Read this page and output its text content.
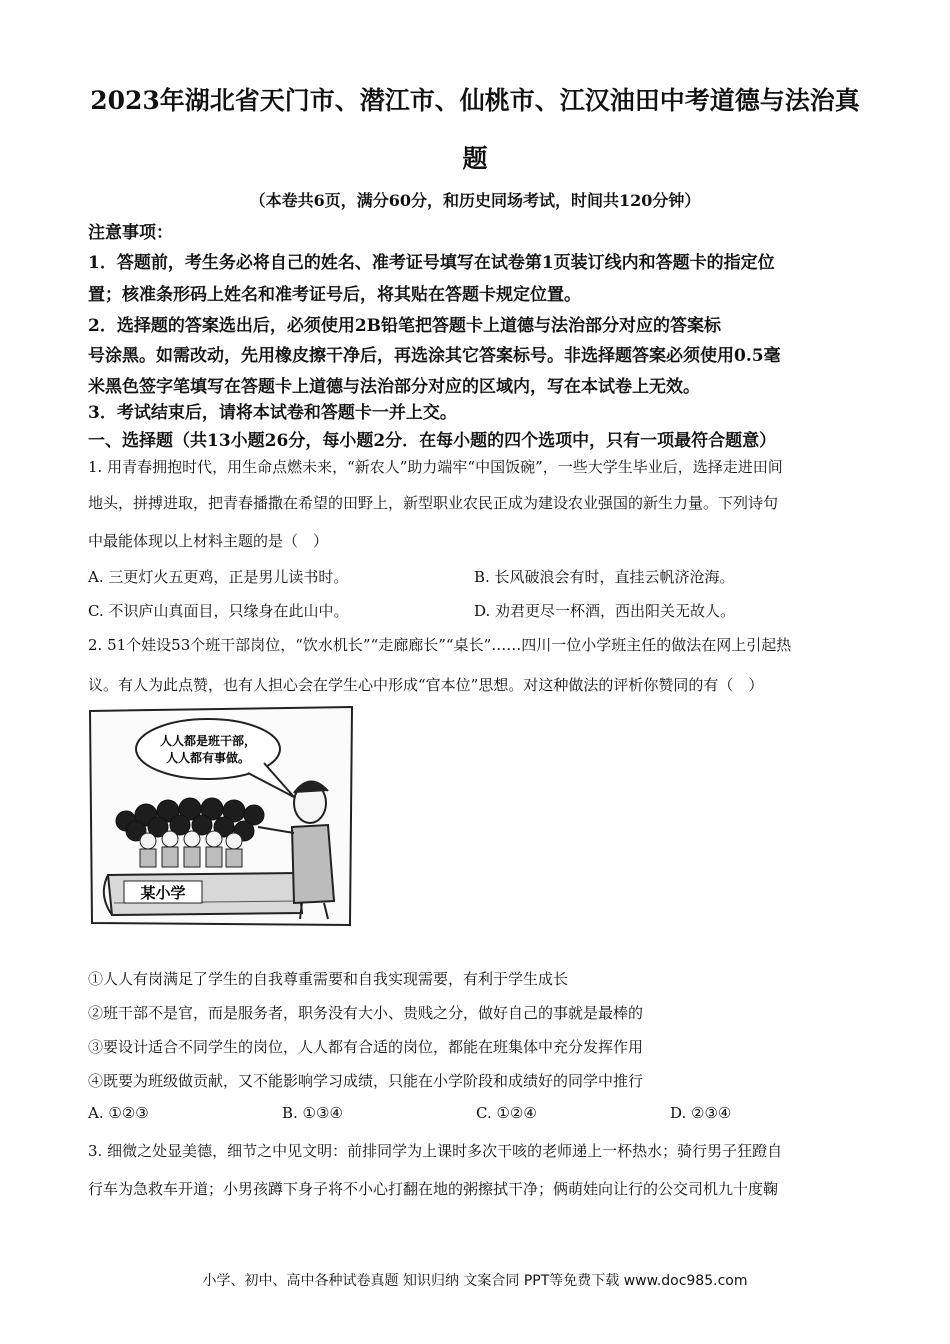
2023年湖北省天门市、潜江市、仙桃市、江汉油田中考道德与法治真
题
（本卷共6页，满分60分，和历史同场考试，时间共120分钟）
注意事项：
1．答题前，考生务必将自己的姓名、准考证号填写在试卷第1页装订线内和答题卡的指定位
置；核准条形码上姓名和准考证号后，将其贴在答题卡规定位置。
2．选择题的答案选出后，必须使用2B铅笔把答题卡上道德与法治部分对应的答案标
号涂黑。如需改动，先用橡皮擦干净后，再选涂其它答案标号。非选择题答案必须使用0.5毫
米黑色签字笔填写在答题卡上道德与法治部分对应的区域内，写在本试卷上无效。
3．考试结束后，请将本试卷和答题卡一并上交。
一、选择题（共13小题26分，每小题2分．在每小题的四个选项中，只有一项最符合题意）
1. 用青春拥抱时代，用生命点燃未来，“新农人”助力端牢“中国饭碗”，一些大学生毕业后，选择走进田间
地头，拼搏进取，把青春播撒在希望的田野上，新型职业农民正成为建设农业强国的新生力量。下列诗句
中最能体现以上材料主题的是（　）
A. 三更灯火五更鸡，正是男儿读书时。	B. 长风破浪会有时，直挂云帆济沧海。
C. 不识庐山真面目，只缘身在此山中。	D. 劝君更尽一杯酒，西出阳关无故人。
2. 51个娃设53个班干部岗位，“饮水机长”“走廊廊长”“桌长”……四川一位小学班主任的做法在网上引起热
议。有人为此点赞，也有人担心会在学生心中形成“官本位”思想。对这种做法的评析你赞同的有（　）
人人都是班干部，
人人都有事做。
某小学
①人人有岗满足了学生的自我尊重需要和自我实现需要，有利于学生成长
②班干部不是官，而是服务者，职务没有大小、贵贱之分，做好自己的事就是最棒的
③要设计适合不同学生的岗位，人人都有合适的岗位，都能在班集体中充分发挥作用
④既要为班级做贡献，又不能影响学习成绩，只能在小学阶段和成绩好的同学中推行
A. ①②③	B. ①③④	C. ①②④	D. ②③④
3. 细微之处显美德，细节之中见文明：前排同学为上课时多次干咳的老师递上一杯热水；骑行男子狂蹬自
行车为急救车开道；小男孩蹲下身子将不小心打翻在地的粥擦拭干净；俩萌娃向让行的公交司机九十度鞠
小学、初中、高中各种试卷真题 知识归纳 文案合同 PPT等免费下载 www.doc985.com
